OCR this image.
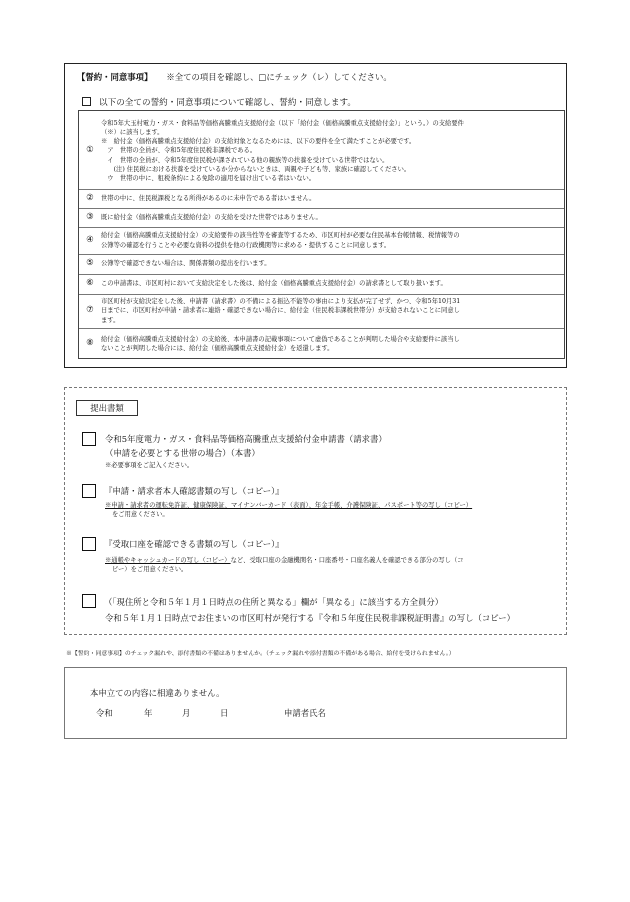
【誓約・同意事項】 ※全ての項目を確認し、□にチェック（レ）してください。
以下の全ての誓約・同意事項について確認し、誓約・同意します。
①
令和5年大玉村電力・ガス・食料品等価格高騰重点支援給付金（以下「給付金（価格高騰重点支援給付金）」という。）の支給要件
（※）に該当します。
※　給付金（価格高騰重点支援給付金）の支給対象となるためには、以下の要件を全て満たすことが必要です。
　ア　世帯の全員が、令和5年度住民税非課税である。
　イ　世帯の全員が、令和5年度住民税が課されている他の親族等の扶養を受けている世帯ではない。
　　(注) 住民税における扶養を受けているか分からないときは、両親や子ども等、家族に確認してください。
　ウ　世帯の中に、租税条約による免除の適用を届け出ている者はいない。
②	世帯の中に、住民税課税となる所得があるのに未申告である者はいません。
③	既に給付金（価格高騰重点支援給付金）の支給を受けた世帯ではありません。
④	給付金（価格高騰重点支援給付金）の支給要件の該当性等を審査等するため、市区町村が必要な住民基本台帳情報、税情報等の
公簿等の確認を行うことや必要な資料の提供を他の行政機関等に求める・提供することに同意します。
⑤	公簿等で確認できない場合は、関係書類の提出を行います。
⑥	この申請書は、市区町村において支給決定をした後は、給付金（価格高騰重点支援給付金）の請求書として取り扱います。
⑦
市区町村が支給決定をした後、申請書（請求書）の不備による振込不能等の事由により支払が完了せず、かつ、令和5年10月31
日までに、市区町村が申請・請求者に連絡・確認できない場合に、給付金（住民税非課税世帯分）が支給されないことに同意し
ます。
⑧	給付金（価格高騰重点支援給付金）の支給後、本申請書の記載事項について虚偽であることが判明した場合や支給要件に該当し
ないことが判明した場合には、給付金（価格高騰重点支援給付金）を返還します。
提出書類
令和5年度電力・ガス・食料品等価格高騰重点支援給付金申請書（請求書）
（申請を必要とする世帯の場合）（本書）
※必要事項をご記入ください。
『申請・請求者本人確認書類の写し（コピー）』
※申請・請求者の運転免許証、健康保険証、マイナンバーカード（表面）、年金手帳、介護保険証、パスポート等の写し（コピー）
をご用意ください。
『受取口座を確認できる書類の写し（コピー）』
※通帳やキャッシュカードの写し（コピー）など、受取口座の金融機関名・口座番号・口座名義人を確認できる部分の写し（コ
ピー）をご用意ください。
（「現住所と令和５年１月１日時点の住所と異なる」欄が「異なる」に該当する方全員分）
令和５年１月１日時点でお住まいの市区町村が発行する『令和５年度住民税非課税証明書』の写し（コピー）
※【誓約・同意事項】のチェック漏れや、添付書類の不備はありませんか。（チェック漏れや添付書類の不備がある場合、給付を受けられません。）
本申立ての内容に相違ありません。
令和	年	月	日	申請者氏名
